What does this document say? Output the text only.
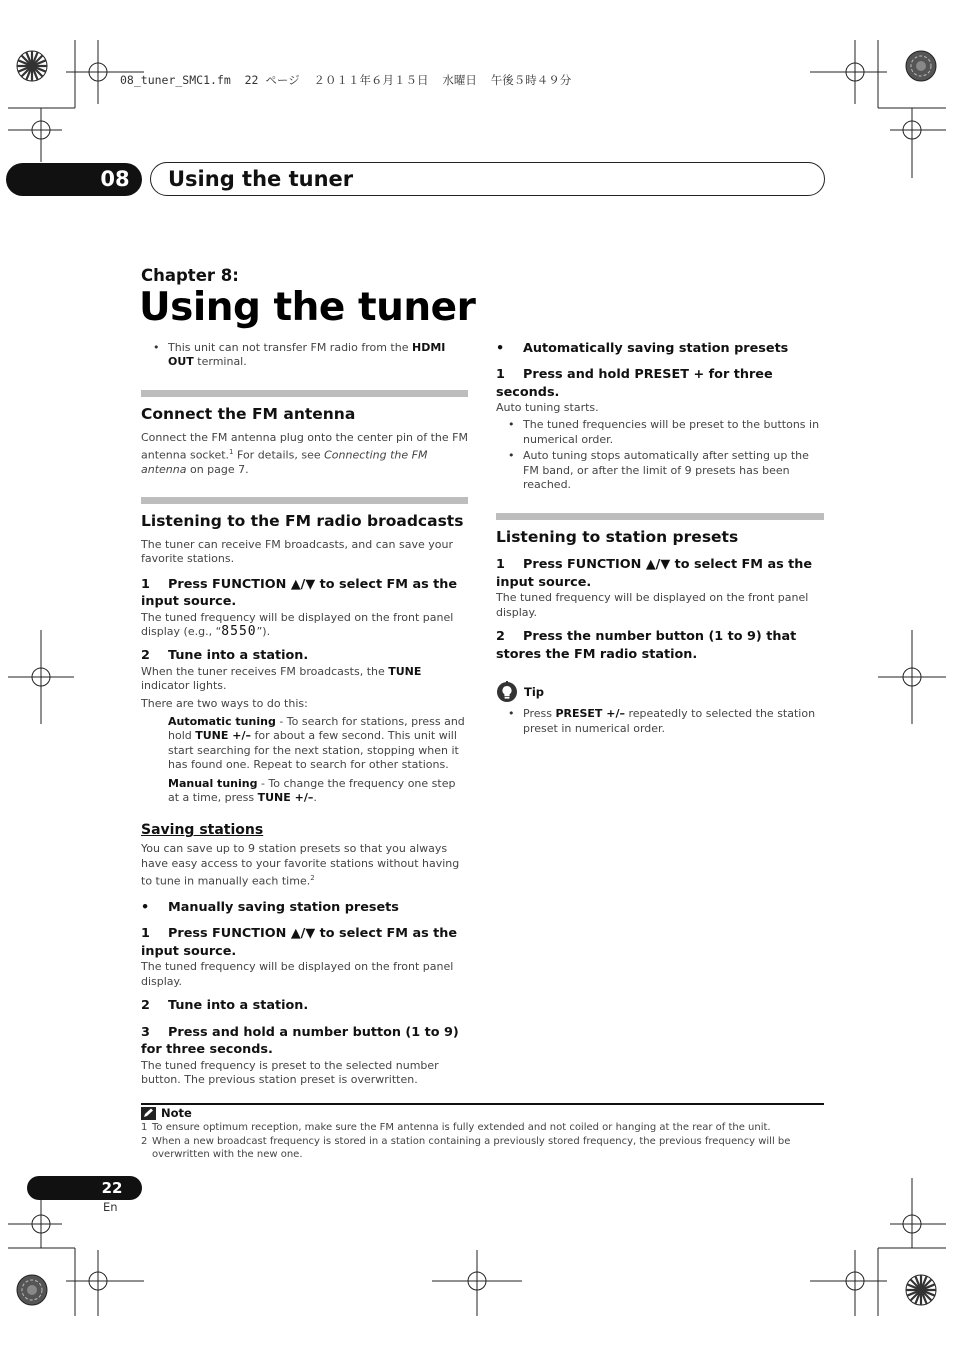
08_tuner_SMC1.fm  22 ページ  ２０１１年６月１５日  水曜日  午後５時４９分
08	Using the tuner
Chapter 8:
Using the tuner

• This unit can not transfer FM radio from the HDMI OUT terminal.

Connect the FM antenna

Connect the FM antenna plug onto the center pin of the FM antenna socket.$^1$ For details, see Connecting the FM antenna on page 7.

Listening to the FM radio broadcasts

The tuner can receive FM broadcasts, and can save your favorite stations.

1 Press FUNCTION ▲/▼ to select FM as the input source.

The tuned frequency will be displayed on the front panel display (e.g., “8550”).

2 Tune into a station.

When the tuner receives FM broadcasts, the TUNE indicator lights.

There are two ways to do this:

Automatic tuning - To search for stations, press and hold TUNE +/– for about a few second. This unit will start searching for the next station, stopping when it has found one. Repeat to search for other stations.

Manual tuning - To change the frequency one step at a time, press TUNE +/–.

Saving stations

You can save up to 9 station presets so that you always have easy access to your favorite stations without having to tune in manually each time.$^2$

• Manually saving station presets

1 Press FUNCTION ▲/▼ to select FM as the input source.

The tuned frequency will be displayed on the front panel display.

2 Tune into a station.

3 Press and hold a number button (1 to 9) for three seconds.

The tuned frequency is preset to the selected number button. The previous station preset is overwritten.

• Automatically saving station presets

1 Press and hold PRESET + for three seconds.

Auto tuning starts.

• The tuned frequencies will be preset to the buttons in numerical order.

• Auto tuning stops automatically after setting up the FM band, or after the limit of 9 presets has been reached.

Listening to station presets

1 Press FUNCTION ▲/▼ to select FM as the input source.

The tuned frequency will be displayed on the front panel display.

2 Press the number button (1 to 9) that stores the FM radio station.

Tip

• Press PRESET +/– repeatedly to selected the station preset in numerical order.

Note

1 To ensure optimum reception, make sure the FM antenna is fully extended and not coiled or hanging at the rear of the unit.

2 When a new broadcast frequency is stored in a station containing a previously stored frequency, the previous frequency will be overwritten with the new one.

22
En
